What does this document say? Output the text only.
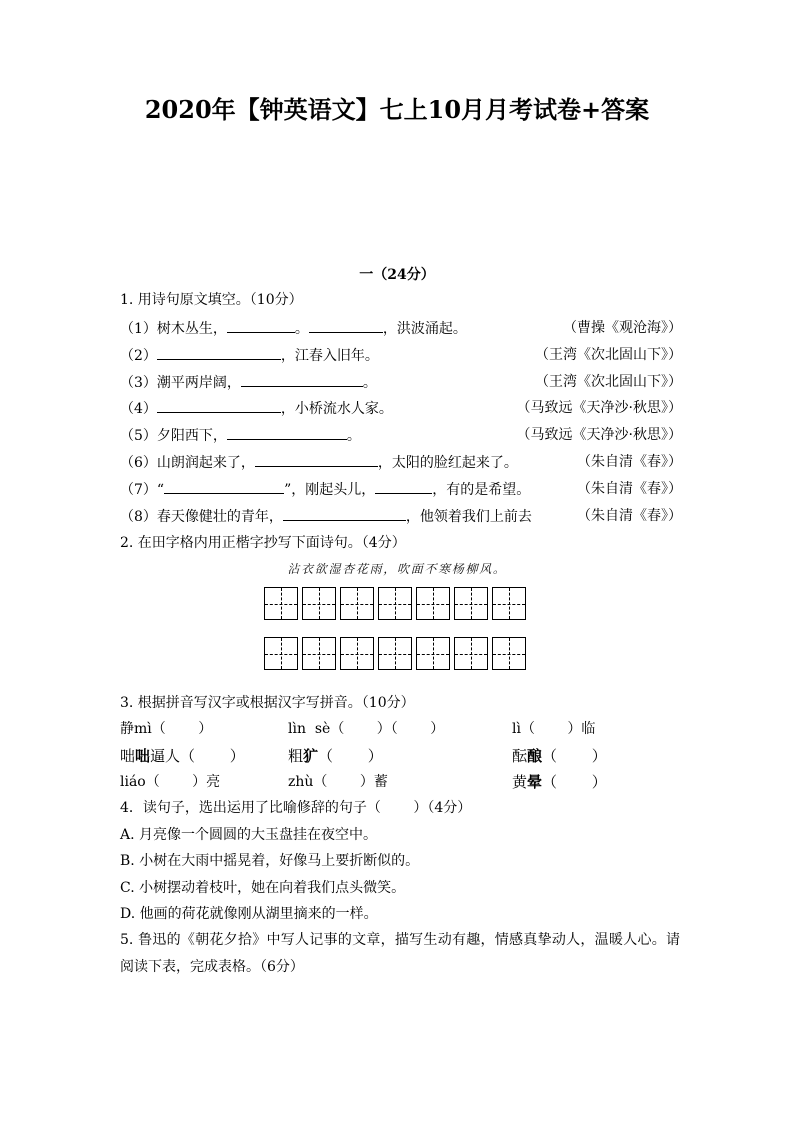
2020年【钟英语文】七上10月月考试卷+答案
一（24分）
1. 用诗句原文填空。（10分）
（1）树木丛生，	。	，洪波涌起。	（曹操《观沧海》）
（2）	，江春入旧年。	（王湾《次北固山下》）
（3）潮平两岸阔，	。	（王湾《次北固山下》）
（4）	，小桥流水人家。	（马致远《天净沙·秋思》）
（5）夕阳西下，	。	（马致远《天净沙·秋思》）
（6）山朗润起来了，	，太阳的脸红起来了。	（朱自清《春》）
（7）“	”，刚起头儿，	，有的是希望。	（朱自清《春》）
（8）春天像健壮的青年，	，他领着我们上前去	（朱自清《春》）
2. 在田字格内用正楷字抄写下面诗句。（4分）
沾衣欲湿杏花雨，吹面不寒杨柳风。
3. 根据拼音写汉字或根据汉字写拼音。（10分）
静mì（　　 ）	lìn  sè（　　 ）（　　 ）	lì（　　 ）临
咄咄逼人（　　 ）	粗犷（　　 ）	酝酿（　　 ）
liáo（　　 ）亮	zhù（　　 ）蓄	黄晕（　　 ）
4．读句子，选出运用了比喻修辞的句子（　　 ）（4分）
A. 月亮像一个圆圆的大玉盘挂在夜空中。
B. 小树在大雨中摇晃着，好像马上要折断似的。
C. 小树摆动着枝叶，她在向着我们点头微笑。
D. 他画的荷花就像刚从湖里摘来的一样。
5. 鲁迅的《朝花夕拾》中写人记事的文章，描写生动有趣，情感真挚动人，温暖人心。请阅读下表，完成表格。（6分）
